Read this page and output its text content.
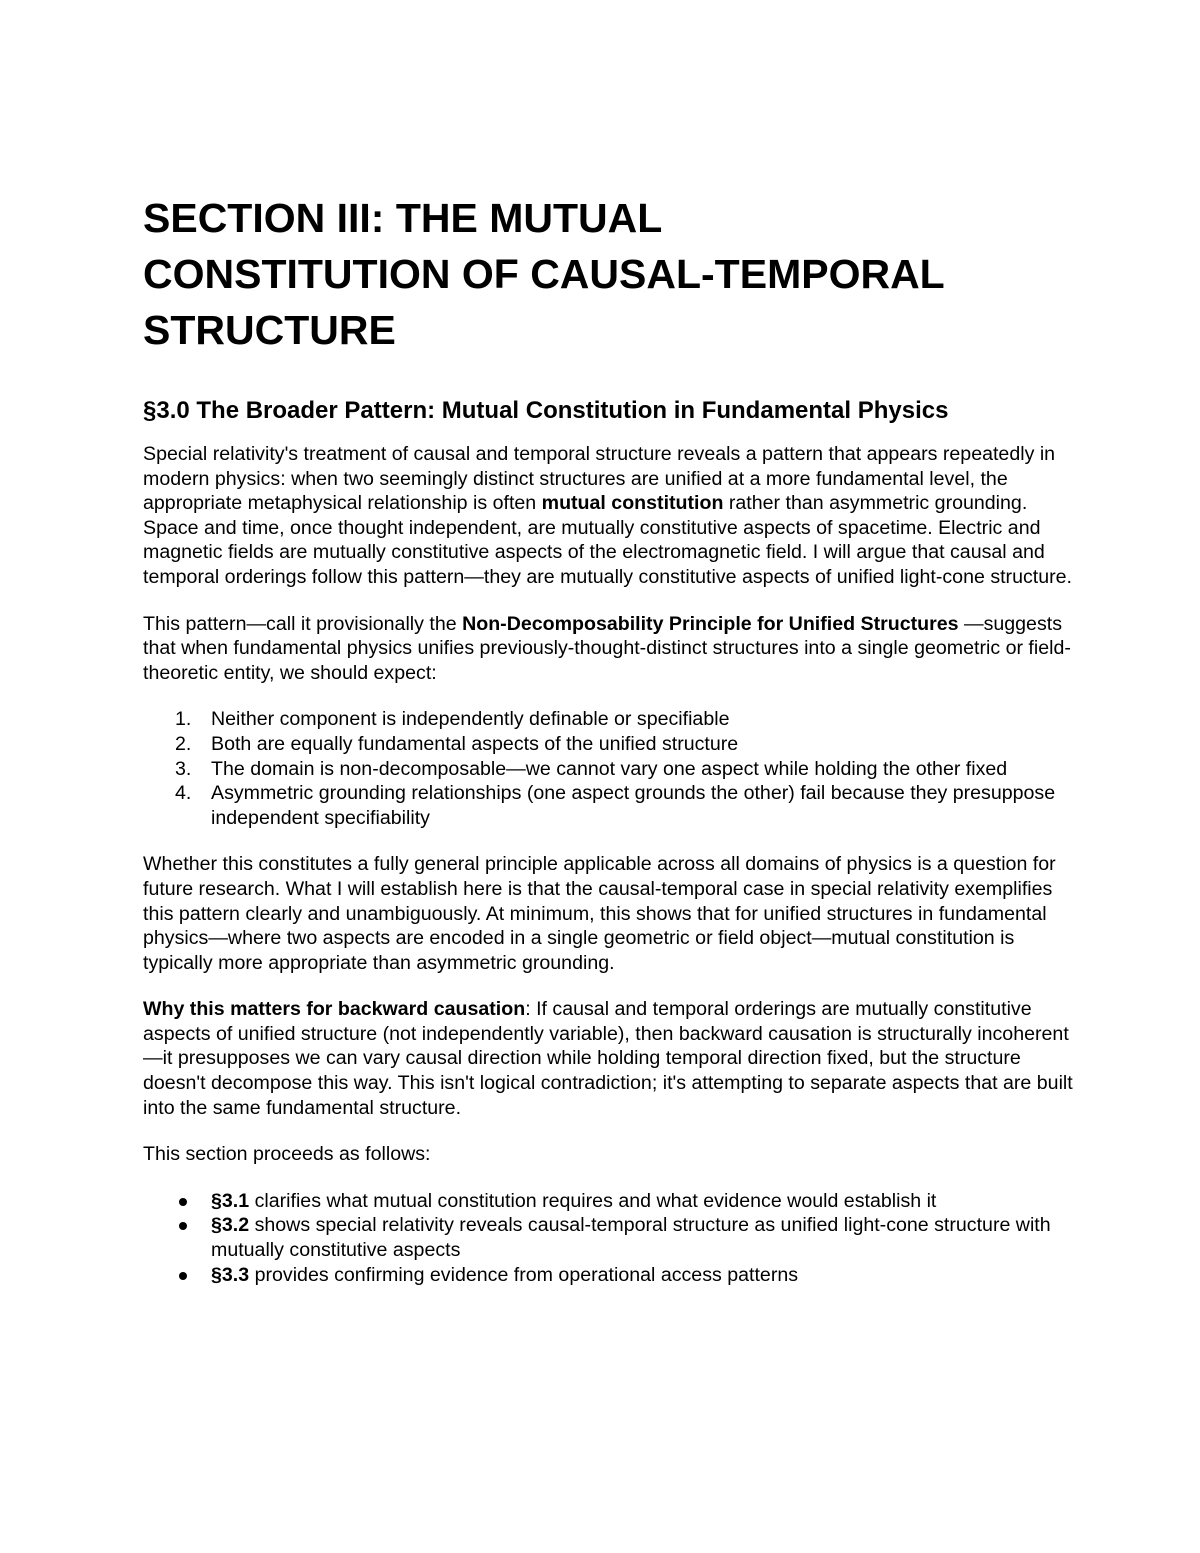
SECTION III: THE MUTUAL
CONSTITUTION OF CAUSAL-TEMPORAL
STRUCTURE
§3.0 The Broader Pattern: Mutual Constitution in Fundamental Physics

Special relativity's treatment of causal and temporal structure reveals a pattern that appears repeatedly in modern physics: when two seemingly distinct structures are unified at a more fundamental level, the appropriate metaphysical relationship is often mutual constitution rather than asymmetric grounding. Space and time, once thought independent, are mutually constitutive aspects of spacetime. Electric and magnetic fields are mutually constitutive aspects of the electromagnetic field. I will argue that causal and temporal orderings follow this pattern—they are mutually constitutive aspects of unified light-cone structure.

This pattern—call it provisionally the Non-Decomposability Principle for Unified Structures —suggests that when fundamental physics unifies previously-thought-distinct structures into a single geometric or field-theoretic entity, we should expect:

1. Neither component is independently definable or specifiable
2. Both are equally fundamental aspects of the unified structure
3. The domain is non-decomposable—we cannot vary one aspect while holding the other fixed
4. Asymmetric grounding relationships (one aspect grounds the other) fail because they presuppose independent specifiability

Whether this constitutes a fully general principle applicable across all domains of physics is a question for future research. What I will establish here is that the causal-temporal case in special relativity exemplifies this pattern clearly and unambiguously. At minimum, this shows that for unified structures in fundamental physics—where two aspects are encoded in a single geometric or field object—mutual constitution is typically more appropriate than asymmetric grounding.

Why this matters for backward causation: If causal and temporal orderings are mutually constitutive aspects of unified structure (not independently variable), then backward causation is structurally incoherent—it presupposes we can vary causal direction while holding temporal direction fixed, but the structure doesn't decompose this way. This isn't logical contradiction; it's attempting to separate aspects that are built into the same fundamental structure.

This section proceeds as follows:

§3.1 clarifies what mutual constitution requires and what evidence would establish it
§3.2 shows special relativity reveals causal-temporal structure as unified light-cone structure with mutually constitutive aspects
§3.3 provides confirming evidence from operational access patterns
